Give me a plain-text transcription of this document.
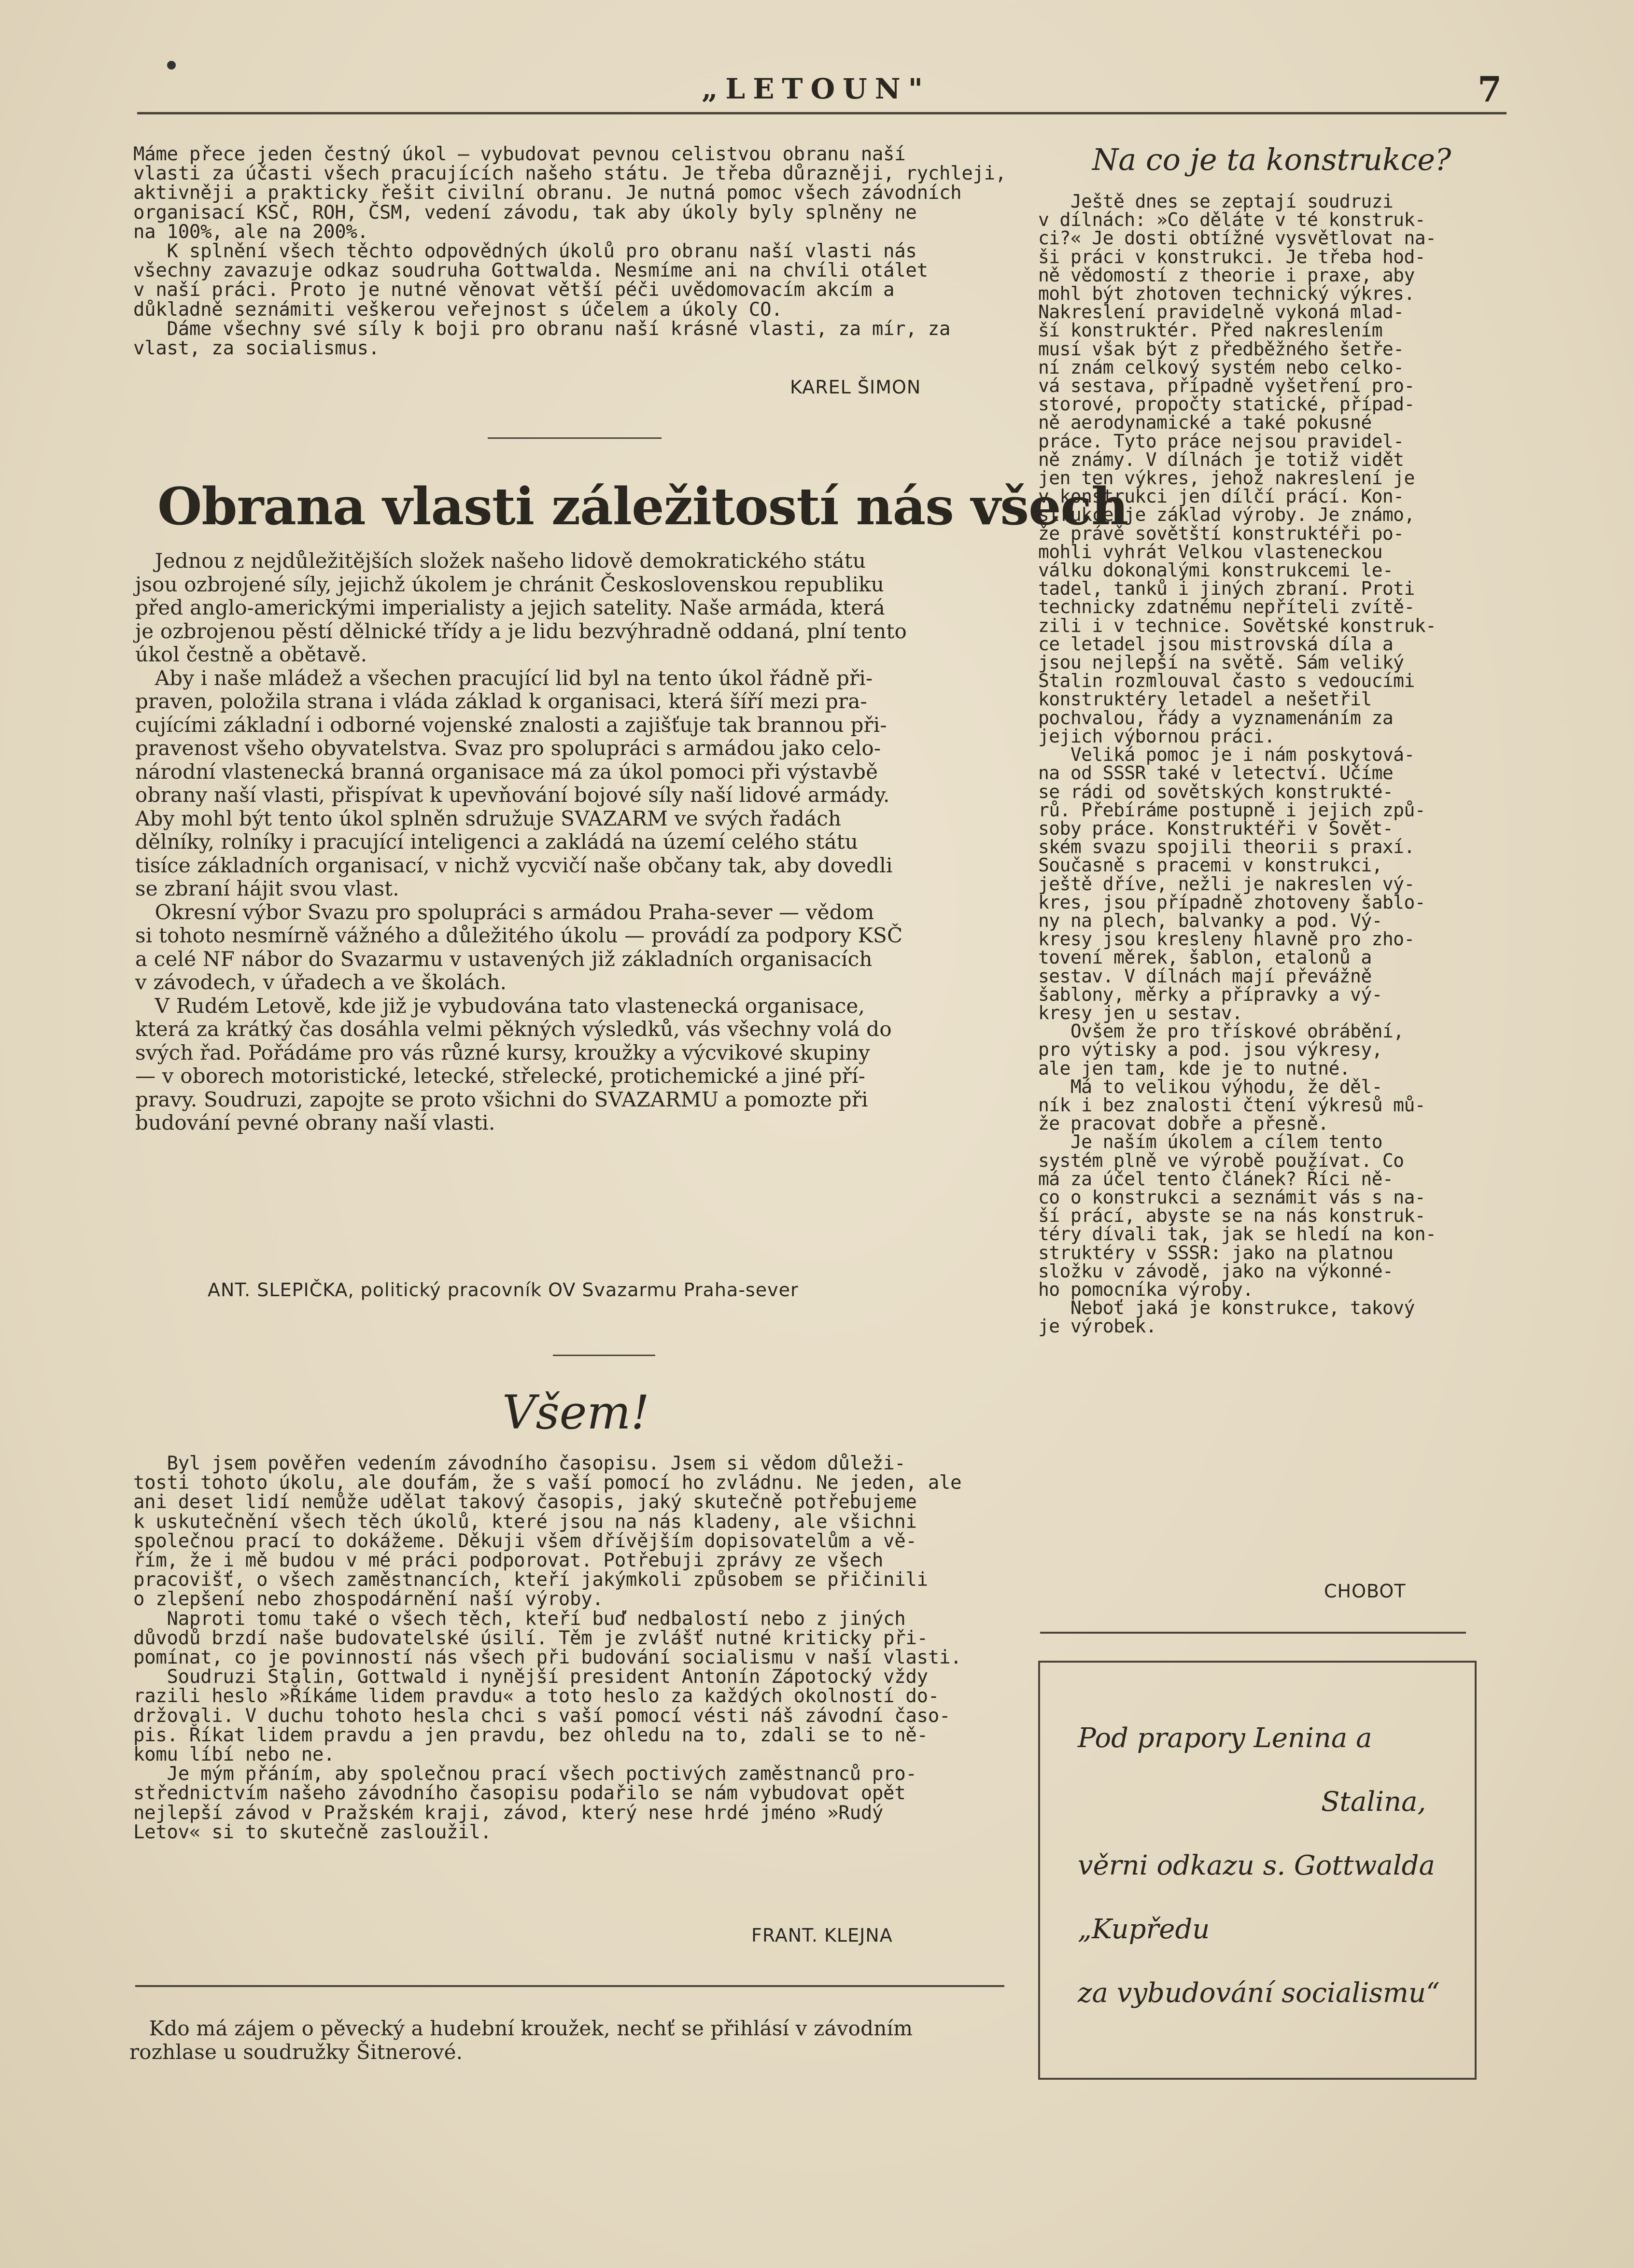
„LETOUN"	7

Máme přece jeden čestný úkol — vybudovat pevnou celistvou obranu naší

vlasti za účasti všech pracujících našeho státu. Je třeba důrazněji, rychleji,

aktivněji a prakticky řešit civilní obranu. Je nutná pomoc všech závodních

organisací KSČ, ROH, ČSM, vedení závodu, tak aby úkoly byly splněny ne

na 100%, ale na 200%.

K splnění všech těchto odpovědných úkolů pro obranu naší vlasti nás

všechny zavazuje odkaz soudruha Gottwalda. Nesmíme ani na chvíli otálet

v naší práci. Proto je nutné věnovat větší péči uvědomovacím akcím a

důkladně seznámiti veškerou veřejnost s účelem a úkoly CO.

Dáme všechny své síly k boji pro obranu naší krásné vlasti, za mír, za

vlast, za socialismus.

KAREL ŠIMON
Obrana vlasti záležitostí nás všech

Jednou z nejdůležitějších složek našeho lidově demokratického státu

jsou ozbrojené síly, jejichž úkolem je chránit Československou republiku

před anglo-americkými imperialisty a jejich satelity. Naše armáda, která

je ozbrojenou pěstí dělnické třídy a je lidu bezvýhradně oddaná, plní tento

úkol čestně a obětavě.

Aby i naše mládež a všechen pracující lid byl na tento úkol řádně při-

praven, položila strana i vláda základ k organisaci, která šíří mezi pra-

cujícími základní i odborné vojenské znalosti a zajišťuje tak brannou při-

pravenost všeho obyvatelstva. Svaz pro spolupráci s armádou jako celo-

národní vlastenecká branná organisace má za úkol pomoci při výstavbě

obrany naší vlasti, přispívat k upevňování bojové síly naší lidové armády.

Aby mohl být tento úkol splněn sdružuje SVAZARM ve svých řadách

dělníky, rolníky i pracující inteligenci a zakládá na území celého státu

tisíce základních organisací, v nichž vycvičí naše občany tak, aby dovedli

se zbraní hájit svou vlast.

Okresní výbor Svazu pro spolupráci s armádou Praha-sever — vědom

si tohoto nesmírně vážného a důležitého úkolu — provádí za podpory KSČ

a celé NF nábor do Svazarmu v ustavených již základních organisacích

v závodech, v úřadech a ve školách.

V Rudém Letově, kde již je vybudována tato vlastenecká organisace,

která za krátký čas dosáhla velmi pěkných výsledků, vás všechny volá do

svých řad. Pořádáme pro vás různé kursy, kroužky a výcvikové skupiny

— v oborech motoristické, letecké, střelecké, protichemické a jiné pří-

pravy. Soudruzi, zapojte se proto všichni do SVAZARMU a pomozte při

budování pevné obrany naší vlasti.

ANT. SLEPIČKA, politický pracovník OV Svazarmu Praha-sever
Všem!

Byl jsem pověřen vedením závodního časopisu. Jsem si vědom důleži-

tosti tohoto úkolu, ale doufám, že s vaší pomocí ho zvládnu. Ne jeden, ale

ani deset lidí nemůže udělat takový časopis, jaký skutečně potřebujeme

k uskutečnění všech těch úkolů, které jsou na nás kladeny, ale všichni

společnou prací to dokážeme. Děkuji všem dřívějším dopisovatelům a vě-

řím, že i mě budou v mé práci podporovat. Potřebuji zprávy ze všech

pracovišť, o všech zaměstnancích, kteří jakýmkoli způsobem se přičinili

o zlepšení nebo zhospodárnění naší výroby.

Naproti tomu také o všech těch, kteří buď nedbalostí nebo z jiných

důvodů brzdí naše budovatelské úsilí. Těm je zvlášť nutné kriticky při-

pomínat, co je povinností nás všech při budování socialismu v naší vlasti.

Soudruzi Stalin, Gottwald i nynější president Antonín Zápotocký vždy

razili heslo »Říkáme lidem pravdu« a toto heslo za každých okolností do-

držovali. V duchu tohoto hesla chci s vaší pomocí vésti náš závodní časo-

pis. Říkat lidem pravdu a jen pravdu, bez ohledu na to, zdali se to ně-

komu líbí nebo ne.

Je mým přáním, aby společnou prací všech poctivých zaměstnanců pro-

střednictvím našeho závodního časopisu podařilo se nám vybudovat opět

nejlepší závod v Pražském kraji, závod, který nese hrdé jméno »Rudý

Letov« si to skutečně zasloužil.

FRANT. KLEJNA

Kdo má zájem o pěvecký a hudební kroužek, nechť se přihlásí v závodním

rozhlase u soudružky Šitnerové.

Na co je ta konstrukce?

Ještě dnes se zeptají soudruzi

v dílnách: »Co děláte v té konstruk-

ci?« Je dosti obtížné vysvětlovat na-

ši práci v konstrukci. Je třeba hod-

ně vědomostí z theorie i praxe, aby

mohl být zhotoven technický výkres.

Nakreslení pravidelně vykoná mlad-

ší konstruktér. Před nakreslením

musí však být z předběžného šetře-

ní znám celkový systém nebo celko-

vá sestava, případně vyšetření pro-

storové, propočty statické, případ-

ně aerodynamické a také pokusné

práce. Tyto práce nejsou pravidel-

ně známy. V dílnách je totiž vidět

jen ten výkres, jehož nakreslení je

v konstrukci jen dílčí prácí. Kon-

strukce je základ výroby. Je známo,

že právě sovětští konstruktéři po-

mohli vyhrát Velkou vlasteneckou

válku dokonalými konstrukcemi le-

tadel, tanků i jiných zbraní. Proti

technicky zdatnému nepříteli zvítě-

zili i v technice. Sovětské konstruk-

ce letadel jsou mistrovská díla a

jsou nejlepší na světě. Sám veliký

Stalin rozmlouval často s vedoucími

konstruktéry letadel a nešetřil

pochvalou, řády a vyznamenáním za

jejich výbornou práci.

Veliká pomoc je i nám poskytová-

na od SSSR také v letectví. Učíme

se rádi od sovětských konstrukté-

rů. Přebíráme postupně i jejich způ-

soby práce. Konstruktéři v Sovět-

ském svazu spojili theorii s praxí.

Současně s pracemi v konstrukci,

ještě dříve, nežli je nakreslen vý-

kres, jsou případně zhotoveny šablo-

ny na plech, balvanky a pod. Vý-

kresy jsou kresleny hlavně pro zho-

tovení měrek, šablon, etalonů a

sestav. V dílnách mají převážně

šablony, měrky a přípravky a vý-

kresy jen u sestav.

Ovšem že pro třískové obrábění,

pro výtisky a pod. jsou výkresy,

ale jen tam, kde je to nutné.

Má to velikou výhodu, že děl-

ník i bez znalosti čtení výkresů mů-

že pracovat dobře a přesně.

Je naším úkolem a cílem tento

systém plně ve výrobě používat. Co

má za účel tento článek? Říci ně-

co o konstrukci a seznámit vás s na-

ší prácí, abyste se na nás konstruk-

téry dívali tak, jak se hledí na kon-

struktéry v SSSR: jako na platnou

složku v závodě, jako na výkonné-

ho pomocníka výroby.

Neboť jaká je konstrukce, takový

je výrobek.

CHOBOT
Pod prapory Lenina a
Stalina,
věrni odkazu s. Gottwalda
„Kupředu
za vybudování socialismu“
